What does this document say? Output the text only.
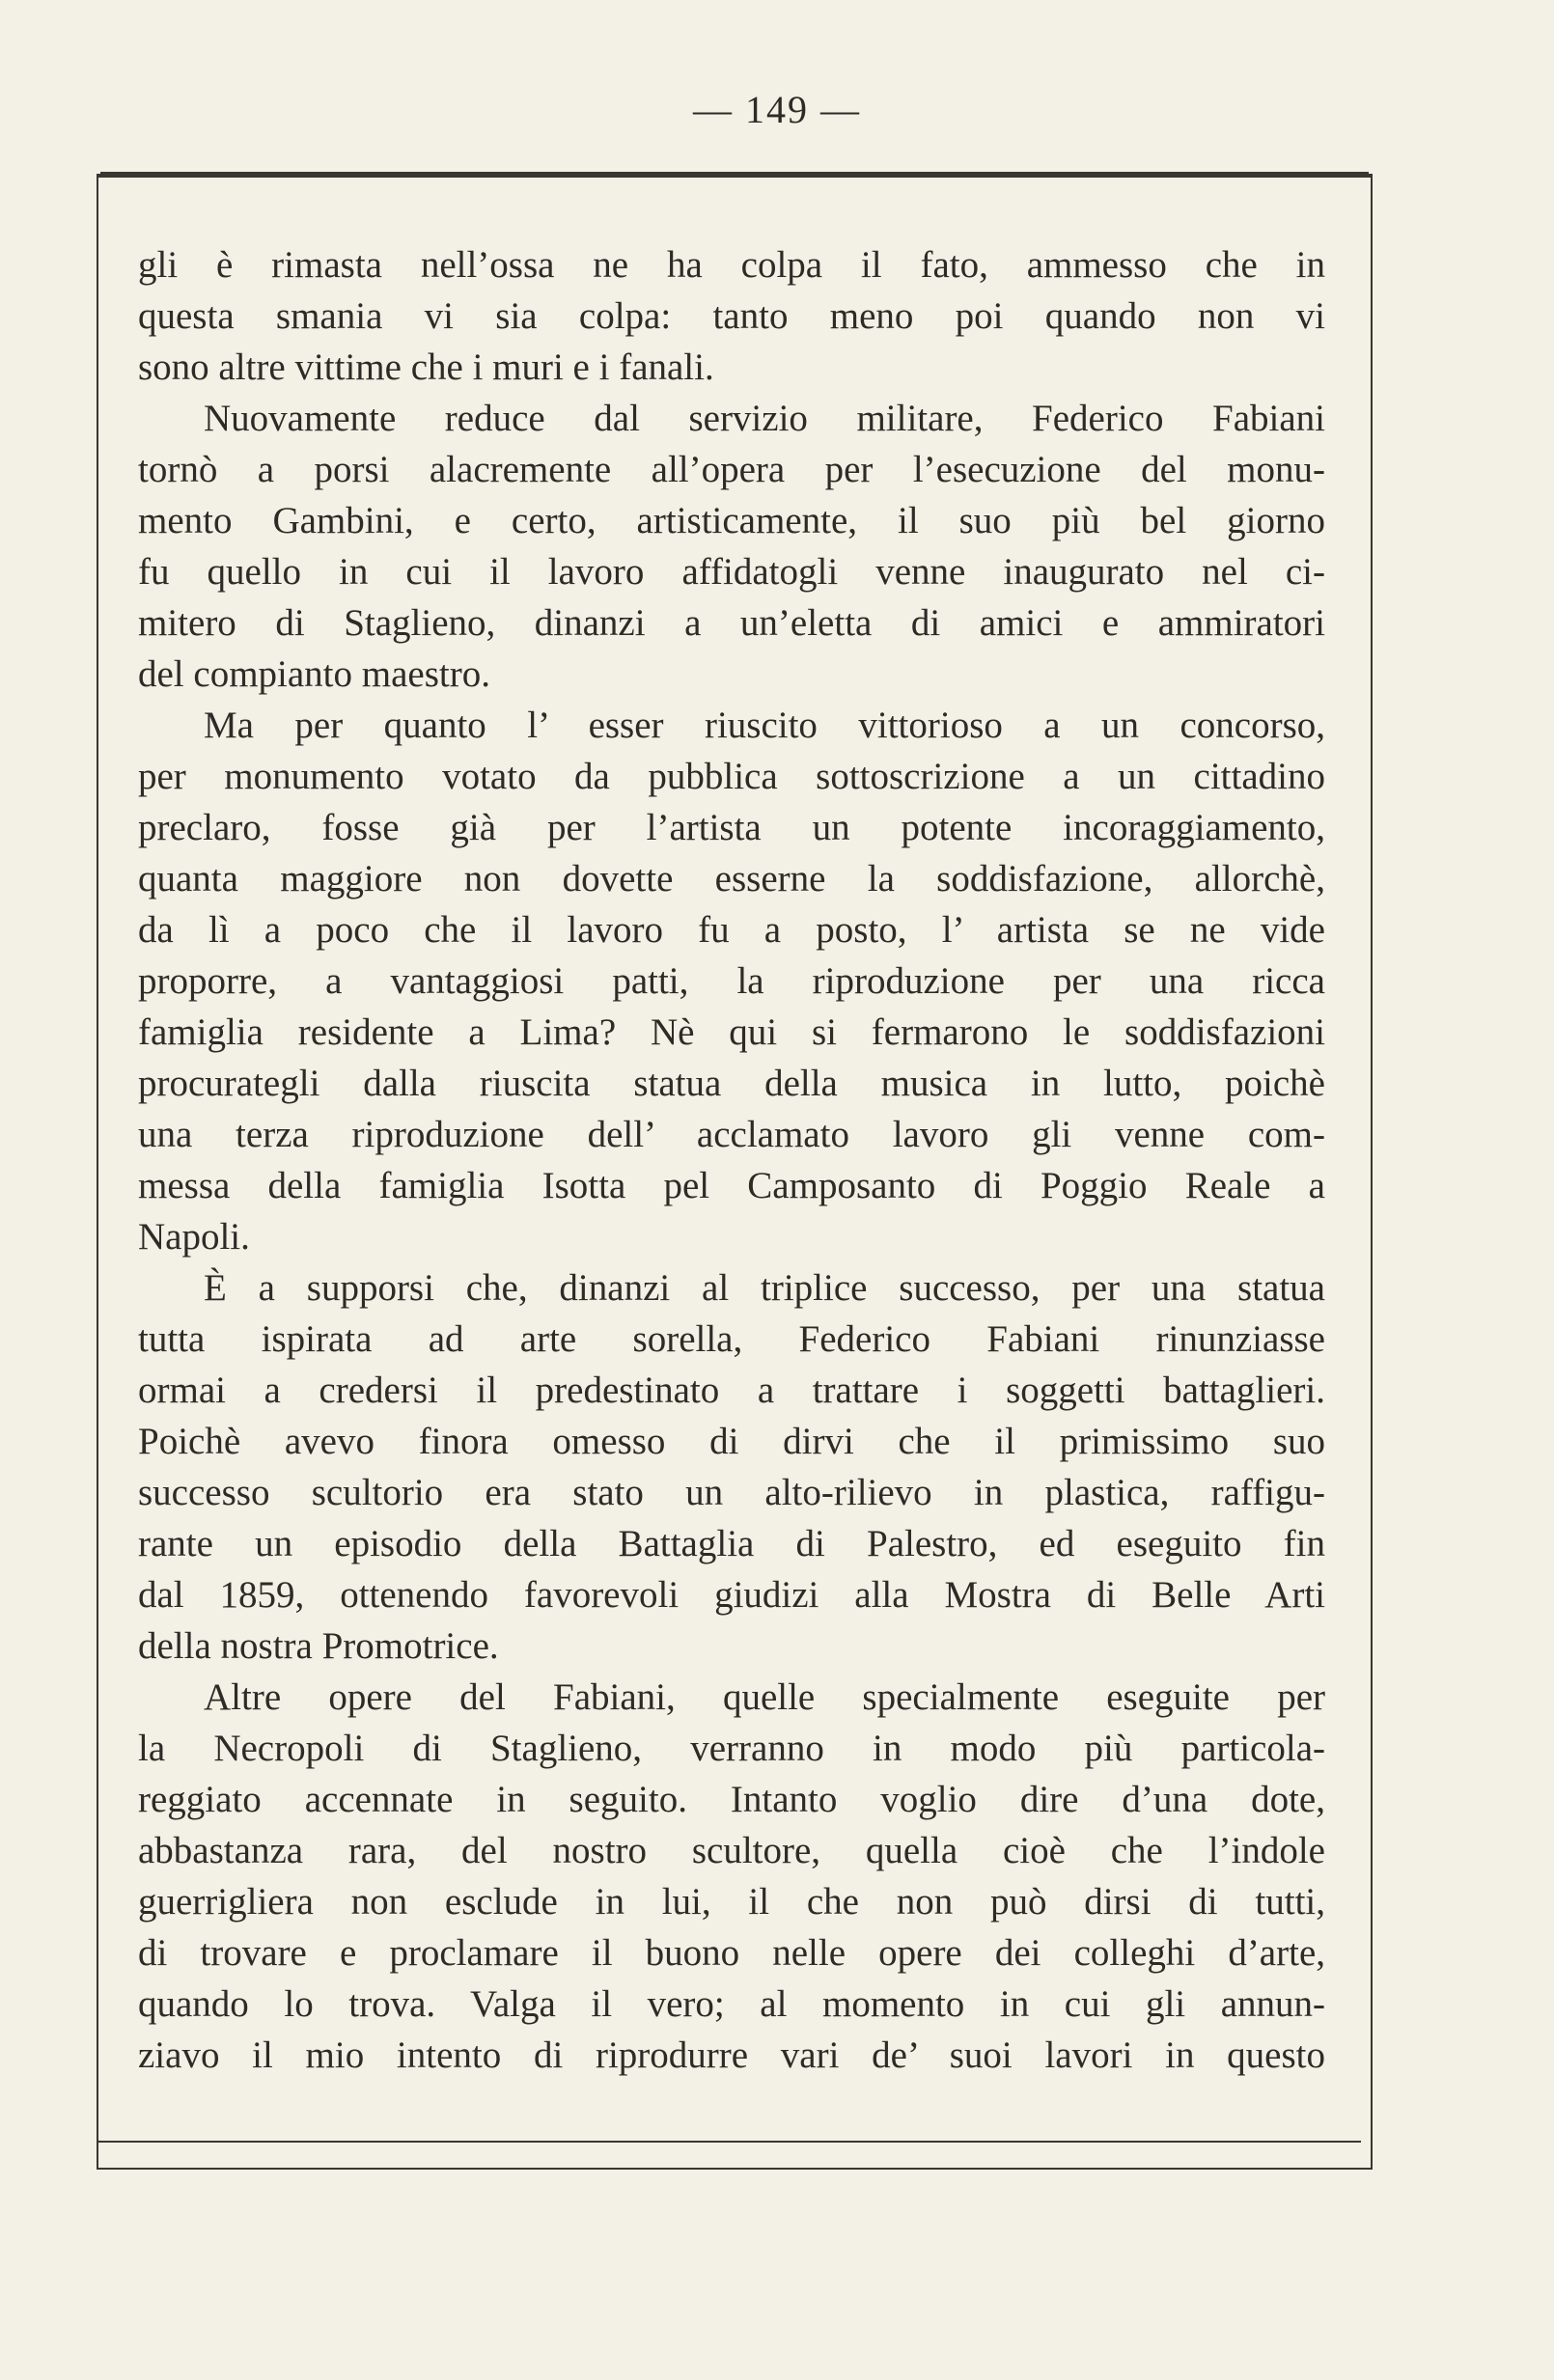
— 149 —
gli è rimasta nell’ossa ne ha colpa il fato, ammesso che in
questa smania vi sia colpa: tanto meno poi quando non vi
sono altre vittime che i muri e i fanali.
Nuovamente reduce dal servizio militare, Federico Fabiani
tornò a porsi alacremente all’opera per l’esecuzione del monu-
mento Gambini, e certo, artisticamente, il suo più bel giorno
fu quello in cui il lavoro affidatogli venne inaugurato nel ci-
mitero di Staglieno, dinanzi a un’eletta di amici e ammiratori
del compianto maestro.
Ma per quanto l’ esser riuscito vittorioso a un concorso,
per monumento votato da pubblica sottoscrizione a un cittadino
preclaro, fosse già per l’artista un potente incoraggiamento,
quanta maggiore non dovette esserne la soddisfazione, allorchè,
da lì a poco che il lavoro fu a posto, l’ artista se ne vide
proporre, a vantaggiosi patti, la riproduzione per una ricca
famiglia residente a Lima? Nè qui si fermarono le soddisfazioni
procurategli dalla riuscita statua della musica in lutto, poichè
una terza riproduzione dell’ acclamato lavoro gli venne com-
messa della famiglia Isotta pel Camposanto di Poggio Reale a
Napoli.
È a supporsi che, dinanzi al triplice successo, per una statua
tutta ispirata ad arte sorella, Federico Fabiani rinunziasse
ormai a credersi il predestinato a trattare i soggetti battaglieri.
Poichè avevo finora omesso di dirvi che il primissimo suo
successo scultorio era stato un alto-rilievo in plastica, raffigu-
rante un episodio della Battaglia di Palestro, ed eseguito fin
dal 1859, ottenendo favorevoli giudizi alla Mostra di Belle Arti
della nostra Promotrice.
Altre opere del Fabiani, quelle specialmente eseguite per
la Necropoli di Staglieno, verranno in modo più particola-
reggiato accennate in seguito. Intanto voglio dire d’una dote,
abbastanza rara, del nostro scultore, quella cioè che l’indole
guerrigliera non esclude in lui, il che non può dirsi di tutti,
di trovare e proclamare il buono nelle opere dei colleghi d’arte,
quando lo trova. Valga il vero; al momento in cui gli annun-
ziavo il mio intento di riprodurre vari de’ suoi lavori in questo
